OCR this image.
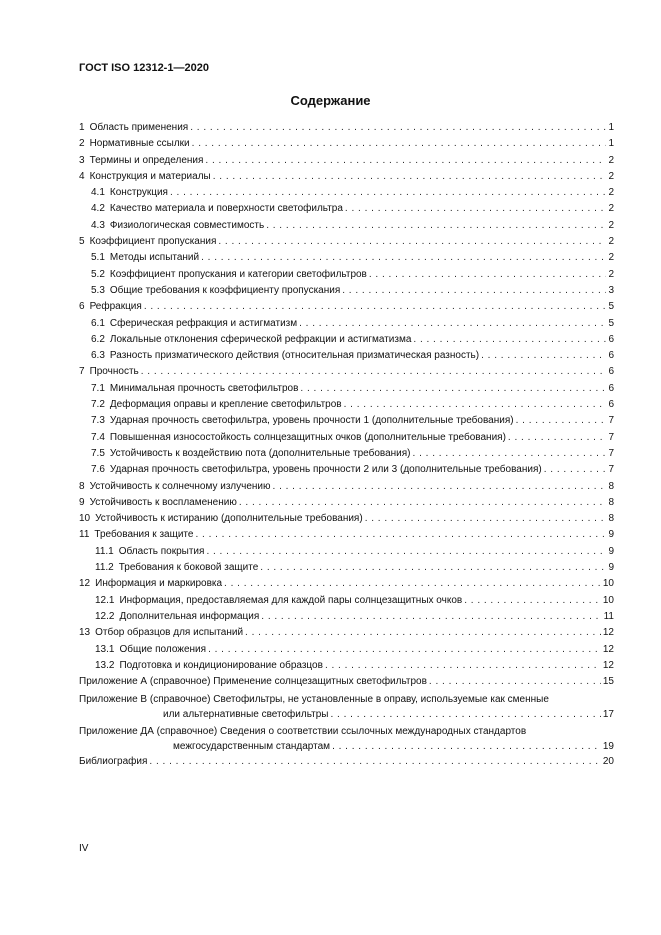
ГОСТ ISO 12312-1—2020
Содержание
1 Область применения . . .	1
2 Нормативные ссылки . . .	1
3 Термины и определения . . .	2
4 Конструкция и материалы . . .	2
4.1 Конструкция . . .	2
4.2 Качество материала и поверхности светофильтра . . .	2
4.3 Физиологическая совместимость . . .	2
5 Коэффициент пропускания . . .	2
5.1 Методы испытаний . . .	2
5.2 Коэффициент пропускания и категории светофильтров . . .	2
5.3 Общие требования к коэффициенту пропускания . . .	3
6 Рефракция . . .	5
6.1 Сферическая рефракция и астигматизм . . .	5
6.2 Локальные отклонения сферической рефракции и астигматизма . . .	6
6.3 Разность призматического действия (относительная призматическая разность) . . .	6
7 Прочность . . .	6
7.1 Минимальная прочность светофильтров . . .	6
7.2 Деформация оправы и крепление светофильтров . . .	6
7.3 Ударная прочность светофильтра, уровень прочности 1 (дополнительные требования) . . .	7
7.4 Повышенная износостойкость солнцезащитных очков (дополнительные требования) . . .	7
7.5 Устойчивость к воздействию пота (дополнительные требования) . . .	7
7.6 Ударная прочность светофильтра, уровень прочности 2 или 3 (дополнительные требования) . . .	7
8 Устойчивость к солнечному излучению . . .	8
9 Устойчивость к воспламенению . . .	8
10 Устойчивость к истиранию (дополнительные требования) . . .	8
11 Требования к защите . . .	9
11.1 Область покрытия . . .	9
11.2 Требования к боковой защите . . .	9
12 Информация и маркировка . . .	10
12.1 Информация, предоставляемая для каждой пары солнцезащитных очков . . .	10
12.2 Дополнительная информация . . .	11
13 Отбор образцов для испытаний . . .	12
13.1 Общие положения . . .	12
13.2 Подготовка и кондиционирование образцов . . .	12
Приложение А (справочное) Применение солнцезащитных светофильтров . . .	15
Приложение В (справочное)
Светофильтры, не установленные в оправу, используемые как сменные
или альтернативные светофильтры . . .	17
Приложение ДА (справочное)
Сведения о соответствии ссылочных международных стандартов
межгосударственным стандартам . . .	19
Библиография . . .	20
IV
